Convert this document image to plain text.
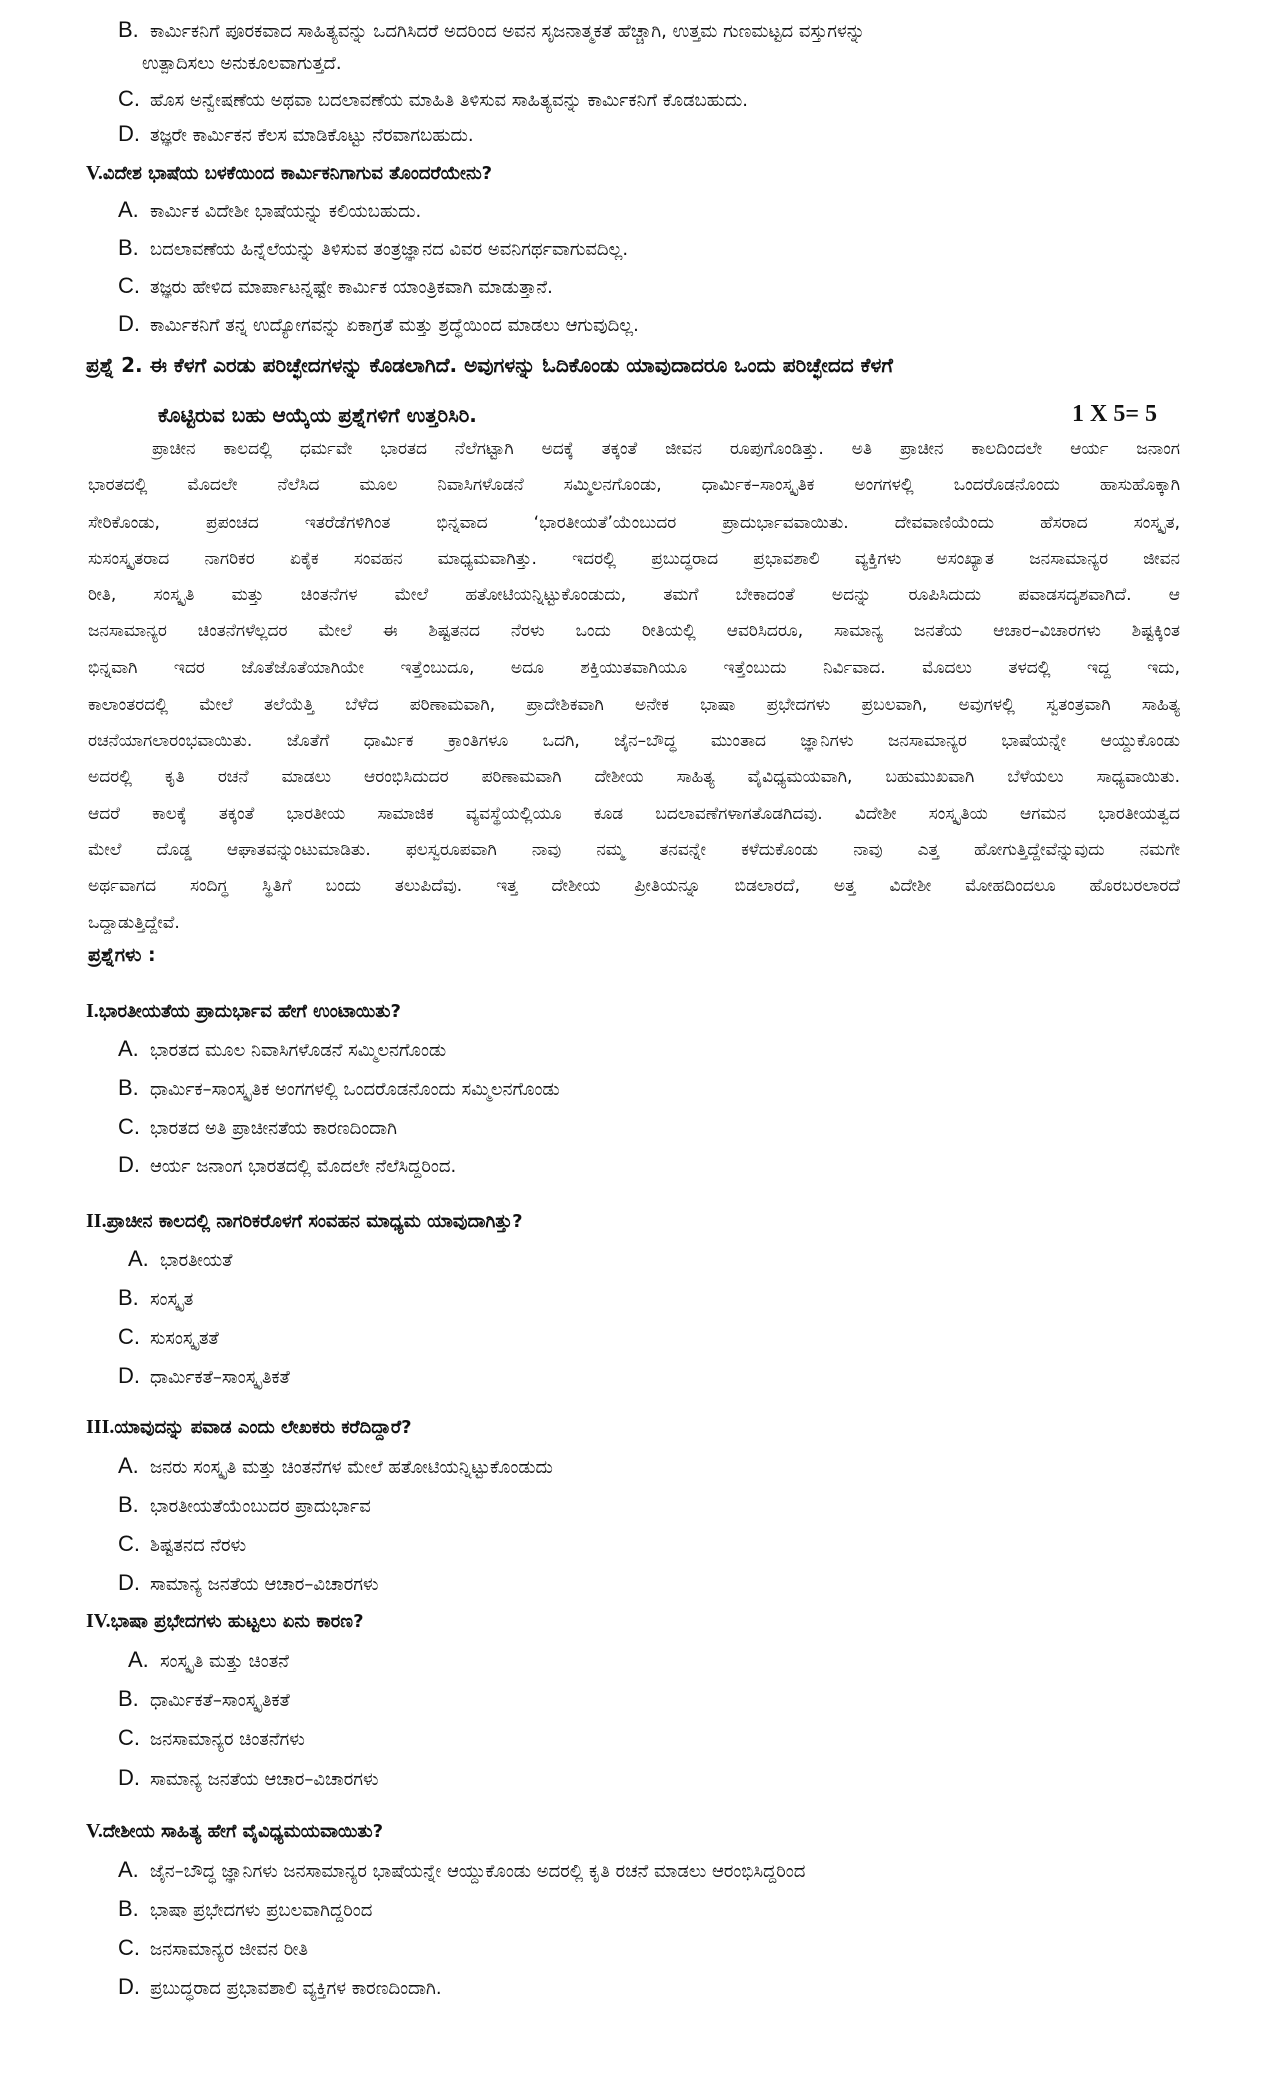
B. ಕಾರ್ಮಿಕನಿಗೆ ಪೂರಕವಾದ ಸಾಹಿತ್ಯವನ್ನು ಒದಗಿಸಿದರೆ ಅದರಿಂದ ಅವನ ಸೃಜನಾತ್ಮಕತೆ ಹೆಚ್ಚಾಗಿ, ಉತ್ತಮ ಗುಣಮಟ್ಟದ ವಸ್ತುಗಳನ್ನು
ಉತ್ಪಾದಿಸಲು ಅನುಕೂಲವಾಗುತ್ತದೆ.
C. ಹೊಸ ಅನ್ವೇಷಣೆಯ ಅಥವಾ ಬದಲಾವಣೆಯ ಮಾಹಿತಿ ತಿಳಿಸುವ ಸಾಹಿತ್ಯವನ್ನು ಕಾರ್ಮಿಕನಿಗೆ ಕೊಡಬಹುದು.
D. ತಜ್ಞರೇ ಕಾರ್ಮಿಕನ ಕೆಲಸ ಮಾಡಿಕೊಟ್ಟು ನೆರವಾಗಬಹುದು.
V.ವಿದೇಶ ಭಾಷೆಯ ಬಳಕೆಯಿಂದ ಕಾರ್ಮಿಕನಿಗಾಗುವ ತೊಂದರೆಯೇನು?
A. ಕಾರ್ಮಿಕ ವಿದೇಶೀ ಭಾಷೆಯನ್ನು ಕಲಿಯಬಹುದು.
B. ಬದಲಾವಣೆಯ ಹಿನ್ನೆಲೆಯನ್ನು ತಿಳಿಸುವ ತಂತ್ರಜ್ಞಾನದ ವಿವರ ಅವನಿಗರ್ಥವಾಗುವದಿಲ್ಲ.
C. ತಜ್ಞರು ಹೇಳಿದ ಮಾರ್ಪಾಟನ್ನಷ್ಟೇ ಕಾರ್ಮಿಕ ಯಾಂತ್ರಿಕವಾಗಿ ಮಾಡುತ್ತಾನೆ.
D. ಕಾರ್ಮಿಕನಿಗೆ ತನ್ನ ಉದ್ಯೋಗವನ್ನು ಏಕಾಗ್ರತೆ ಮತ್ತು ಶ್ರದ್ಧೆಯಿಂದ ಮಾಡಲು ಆಗುವುದಿಲ್ಲ.
ಪ್ರಶ್ನೆ 2. ಈ ಕೆಳಗೆ ಎರಡು ಪರಿಚ್ಛೇದಗಳನ್ನು ಕೊಡಲಾಗಿದೆ. ಅವುಗಳನ್ನು ಓದಿಕೊಂಡು ಯಾವುದಾದರೂ ಒಂದು ಪರಿಚ್ಛೇದದ ಕೆಳಗೆ
ಕೊಟ್ಟಿರುವ ಬಹು ಆಯ್ಕೆಯ ಪ್ರಶ್ನೆಗಳಿಗೆ ಉತ್ತರಿಸಿರಿ.	1 X 5= 5
ಪ್ರಾಚೀನ ಕಾಲದಲ್ಲಿ ಧರ್ಮವೇ ಭಾರತದ ನೆಲೆಗಟ್ಟಾಗಿ ಅದಕ್ಕೆ ತಕ್ಕಂತೆ ಜೀವನ ರೂಪುಗೊಂಡಿತ್ತು. ಅತಿ ಪ್ರಾಚೀನ ಕಾಲದಿಂದಲೇ ಆರ್ಯ ಜನಾಂಗ
ಭಾರತದಲ್ಲಿ ಮೊದಲೇ ನೆಲೆಸಿದ ಮೂಲ ನಿವಾಸಿಗಳೊಡನೆ ಸಮ್ಮಿಲನಗೊಂಡು, ಧಾರ್ಮಿಕ–ಸಾಂಸ್ಕೃತಿಕ ಅಂಗಗಳಲ್ಲಿ ಒಂದರೊಡನೊಂದು ಹಾಸುಹೊಕ್ಕಾಗಿ
ಸೇರಿಕೊಂಡು, ಪ್ರಪಂಚದ ಇತರೆಡೆಗಳಿಗಿಂತ ಭಿನ್ನವಾದ ‘ಭಾರತೀಯತೆ’ಯೆಂಬುದರ ಪ್ರಾದುರ್ಭಾವವಾಯಿತು. ದೇವವಾಣಿಯೆಂದು ಹೆಸರಾದ ಸಂಸ್ಕೃತ,
ಸುಸಂಸ್ಕೃತರಾದ ನಾಗರಿಕರ ಏಕೈಕ ಸಂವಹನ ಮಾಧ್ಯಮವಾಗಿತ್ತು. ಇದರಲ್ಲಿ ಪ್ರಬುದ್ಧರಾದ ಪ್ರಭಾವಶಾಲಿ ವ್ಯಕ್ತಿಗಳು ಅಸಂಖ್ಯಾತ ಜನಸಾಮಾನ್ಯರ ಜೀವನ
ರೀತಿ, ಸಂಸ್ಕೃತಿ ಮತ್ತು ಚಿಂತನೆಗಳ ಮೇಲೆ ಹತೋಟಿಯನ್ನಿಟ್ಟುಕೊಂಡುದು, ತಮಗೆ ಬೇಕಾದಂತೆ ಅದನ್ನು ರೂಪಿಸಿದುದು ಪವಾಡಸದೃಶವಾಗಿದೆ. ಆ
ಜನಸಾಮಾನ್ಯರ ಚಿಂತನೆಗಳೆಲ್ಲದರ ಮೇಲೆ ಈ ಶಿಷ್ಟತನದ ನೆರಳು ಒಂದು ರೀತಿಯಲ್ಲಿ ಆವರಿಸಿದರೂ, ಸಾಮಾನ್ಯ ಜನತೆಯ ಆಚಾರ–ವಿಚಾರಗಳು ಶಿಷ್ಟಕ್ಕಿಂತ
ಭಿನ್ನವಾಗಿ ಇದರ ಜೊತೆಜೊತೆಯಾಗಿಯೇ ಇತ್ತೆಂಬುದೂ, ಅದೂ ಶಕ್ತಿಯುತವಾಗಿಯೂ ಇತ್ತೆಂಬುದು ನಿರ್ವಿವಾದ. ಮೊದಲು ತಳದಲ್ಲಿ ಇದ್ದ ಇದು,
ಕಾಲಾಂತರದಲ್ಲಿ ಮೇಲೆ ತಲೆಯೆತ್ತಿ ಬೆಳೆದ ಪರಿಣಾಮವಾಗಿ, ಪ್ರಾದೇಶಿಕವಾಗಿ ಅನೇಕ ಭಾಷಾ ಪ್ರಭೇದಗಳು ಪ್ರಬಲವಾಗಿ, ಅವುಗಳಲ್ಲಿ ಸ್ವತಂತ್ರವಾಗಿ ಸಾಹಿತ್ಯ
ರಚನೆಯಾಗಲಾರಂಭವಾಯಿತು. ಜೊತೆಗೆ ಧಾರ್ಮಿಕ ಕ್ರಾಂತಿಗಳೂ ಒದಗಿ, ಜೈನ–ಬೌದ್ಧ ಮುಂತಾದ ಜ್ಞಾನಿಗಳು ಜನಸಾಮಾನ್ಯರ ಭಾಷೆಯನ್ನೇ ಆಯ್ದುಕೊಂಡು
ಅದರಲ್ಲಿ ಕೃತಿ ರಚನೆ ಮಾಡಲು ಆರಂಭಿಸಿದುದರ ಪರಿಣಾಮವಾಗಿ ದೇಶೀಯ ಸಾಹಿತ್ಯ ವೈವಿಧ್ಯಮಯವಾಗಿ, ಬಹುಮುಖವಾಗಿ ಬೆಳೆಯಲು ಸಾಧ್ಯವಾಯಿತು.
ಆದರೆ ಕಾಲಕ್ಕೆ ತಕ್ಕಂತೆ ಭಾರತೀಯ ಸಾಮಾಜಿಕ ವ್ಯವಸ್ಥೆಯಲ್ಲಿಯೂ ಕೂಡ ಬದಲಾವಣೆಗಳಾಗತೊಡಗಿದವು. ವಿದೇಶೀ ಸಂಸ್ಕೃತಿಯ ಆಗಮನ ಭಾರತೀಯತ್ವದ
ಮೇಲೆ ದೊಡ್ಡ ಆಘಾತವನ್ನುಂಟುಮಾಡಿತು. ಫಲಸ್ವರೂಪವಾಗಿ ನಾವು ನಮ್ಮ ತನವನ್ನೇ ಕಳೆದುಕೊಂಡು ನಾವು ಎತ್ತ ಹೋಗುತ್ತಿದ್ದೇವೆನ್ನುವುದು ನಮಗೇ
ಅರ್ಥವಾಗದ ಸಂದಿಗ್ಧ ಸ್ಥಿತಿಗೆ ಬಂದು ತಲುಪಿದೆವು. ಇತ್ತ ದೇಶೀಯ ಪ್ರೀತಿಯನ್ನೂ ಬಿಡಲಾರದೆ, ಅತ್ತ ವಿದೇಶೀ ಮೋಹದಿಂದಲೂ ಹೊರಬರಲಾರದೆ
ಒದ್ದಾಡುತ್ತಿದ್ದೇವೆ.
ಪ್ರಶ್ನೆಗಳು :
I.ಭಾರತೀಯತೆಯ ಪ್ರಾದುರ್ಭಾವ ಹೇಗೆ ಉಂಟಾಯಿತು?
A. ಭಾರತದ ಮೂಲ ನಿವಾಸಿಗಳೊಡನೆ ಸಮ್ಮಿಲನಗೊಂಡು
B. ಧಾರ್ಮಿಕ–ಸಾಂಸ್ಕೃತಿಕ ಅಂಗಗಳಲ್ಲಿ ಒಂದರೊಡನೊಂದು ಸಮ್ಮಿಲನಗೊಂಡು
C. ಭಾರತದ ಅತಿ ಪ್ರಾಚೀನತೆಯ ಕಾರಣದಿಂದಾಗಿ
D. ಆರ್ಯ ಜನಾಂಗ ಭಾರತದಲ್ಲಿ ಮೊದಲೇ ನೆಲೆಸಿದ್ದರಿಂದ.
II.ಪ್ರಾಚೀನ ಕಾಲದಲ್ಲಿ ನಾಗರಿಕರೊಳಗೆ ಸಂವಹನ ಮಾಧ್ಯಮ ಯಾವುದಾಗಿತ್ತು?
A. ಭಾರತೀಯತೆ
B. ಸಂಸ್ಕೃತ
C. ಸುಸಂಸ್ಕೃತತೆ
D. ಧಾರ್ಮಿಕತೆ–ಸಾಂಸ್ಕೃತಿಕತೆ
III.ಯಾವುದನ್ನು ಪವಾಡ ಎಂದು ಲೇಖಕರು ಕರೆದಿದ್ದಾರೆ?
A. ಜನರು ಸಂಸ್ಕೃತಿ ಮತ್ತು ಚಿಂತನೆಗಳ ಮೇಲೆ ಹತೋಟಿಯನ್ನಿಟ್ಟುಕೊಂಡುದು
B. ಭಾರತೀಯತೆಯೆಂಬುದರ ಪ್ರಾದುರ್ಭಾವ
C. ಶಿಷ್ಟತನದ ನೆರಳು
D. ಸಾಮಾನ್ಯ ಜನತೆಯ ಆಚಾರ–ವಿಚಾರಗಳು
IV.ಭಾಷಾ ಪ್ರಭೇದಗಳು ಹುಟ್ಟಲು ಏನು ಕಾರಣ?
A. ಸಂಸ್ಕೃತಿ ಮತ್ತು ಚಿಂತನೆ
B. ಧಾರ್ಮಿಕತೆ–ಸಾಂಸ್ಕೃತಿಕತೆ
C. ಜನಸಾಮಾನ್ಯರ ಚಿಂತನೆಗಳು
D. ಸಾಮಾನ್ಯ ಜನತೆಯ ಆಚಾರ–ವಿಚಾರಗಳು
V.ದೇಶೀಯ ಸಾಹಿತ್ಯ ಹೇಗೆ ವೈವಿಧ್ಯಮಯವಾಯಿತು?
A. ಜೈನ–ಬೌದ್ಧ ಜ್ಞಾನಿಗಳು ಜನಸಾಮಾನ್ಯರ ಭಾಷೆಯನ್ನೇ ಆಯ್ದುಕೊಂಡು ಅದರಲ್ಲಿ ಕೃತಿ ರಚನೆ ಮಾಡಲು ಆರಂಭಿಸಿದ್ದರಿಂದ
B. ಭಾಷಾ ಪ್ರಭೇದಗಳು ಪ್ರಬಲವಾಗಿದ್ದರಿಂದ
C. ಜನಸಾಮಾನ್ಯರ ಜೀವನ ರೀತಿ
D. ಪ್ರಬುದ್ಧರಾದ ಪ್ರಭಾವಶಾಲಿ ವ್ಯಕ್ತಿಗಳ ಕಾರಣದಿಂದಾಗಿ.
